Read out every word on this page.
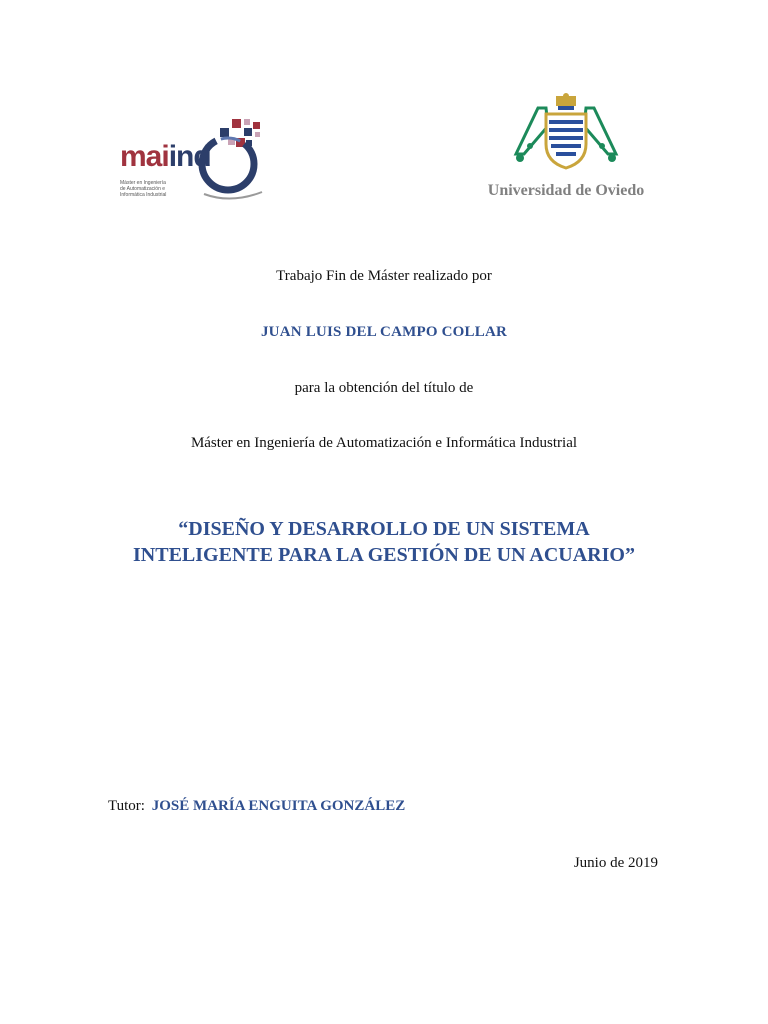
Máster en Ingeniería
de Automatización e
Informática Industrial
maiind
Universidad de Oviedo
Trabajo Fin de Máster realizado por
JUAN LUIS DEL CAMPO COLLAR
para la obtención del título de
Máster en Ingeniería de Automatización e Informática Industrial
“DISEÑO Y DESARROLLO DE UN SISTEMA
INTELIGENTE PARA LA GESTIÓN DE UN ACUARIO”
Tutor: JOSÉ MARÍA ENGUITA GONZÁLEZ
Junio de 2019
